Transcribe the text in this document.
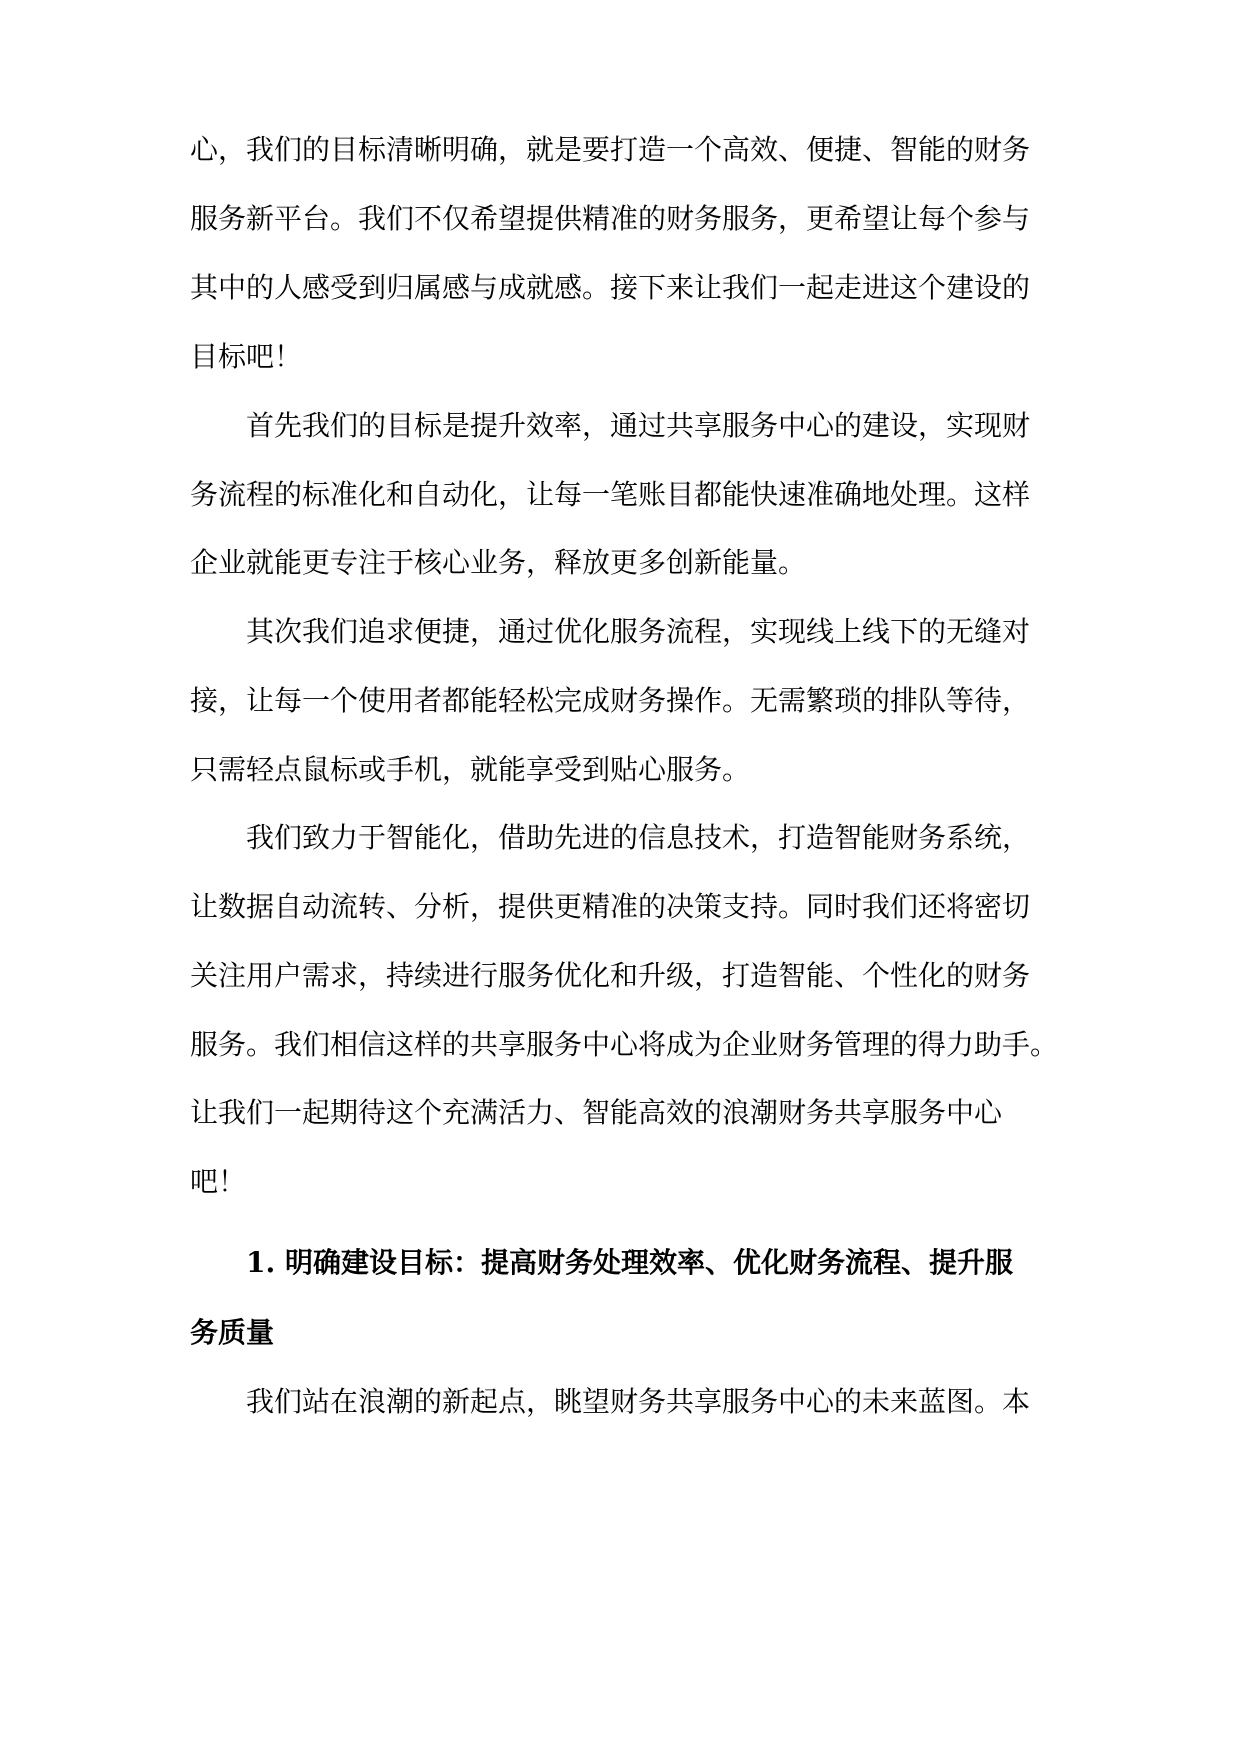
心，我们的目标清晰明确，就是要打造一个高效、便捷、智能的财务
服务新平台。我们不仅希望提供精准的财务服务，更希望让每个参与
其中的人感受到归属感与成就感。接下来让我们一起走进这个建设的
目标吧！
首先我们的目标是提升效率，通过共享服务中心的建设，实现财
务流程的标准化和自动化，让每一笔账目都能快速准确地处理。这样
企业就能更专注于核心业务，释放更多创新能量。
其次我们追求便捷，通过优化服务流程，实现线上线下的无缝对
接，让每一个使用者都能轻松完成财务操作。无需繁琐的排队等待，
只需轻点鼠标或手机，就能享受到贴心服务。
我们致力于智能化，借助先进的信息技术，打造智能财务系统，
让数据自动流转、分析，提供更精准的决策支持。同时我们还将密切
关注用户需求，持续进行服务优化和升级，打造智能、个性化的财务
服务。我们相信这样的共享服务中心将成为企业财务管理的得力助手。
让我们一起期待这个充满活力、智能高效的浪潮财务共享服务中心
吧！
1. 明确建设目标：提高财务处理效率、优化财务流程、提升服
务质量
我们站在浪潮的新起点，眺望财务共享服务中心的未来蓝图。本
